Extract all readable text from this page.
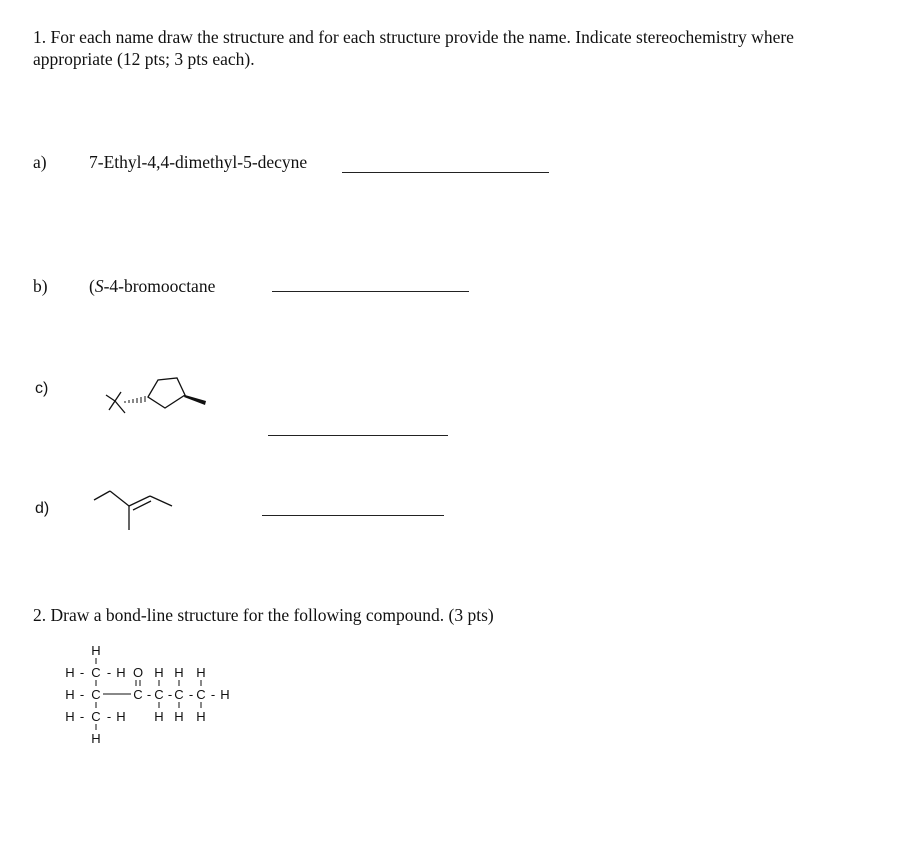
1. For each name draw the structure and for each structure provide the name. Indicate stereochemistry where
appropriate (12 pts; 3 pts each).
a) 7-Ethyl-4,4-dimethyl-5-decyne
b) (S-4-bromooctane
c)
d)
2. Draw a bond-line structure for the following compound. (3 pts)
H
H - C - H O H H H
H - C	C - C - C - C - H
H - C - H H H H
H
